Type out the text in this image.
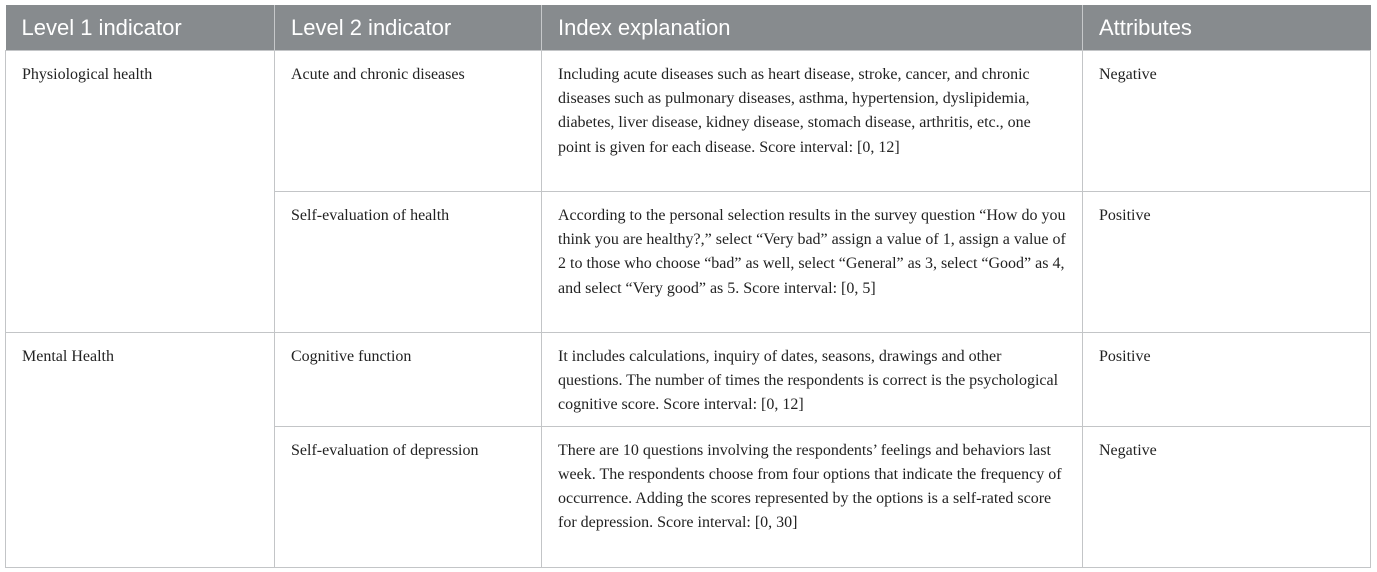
Level 1 indicator	Level 2 indicator	Index explanation	Attributes
Physiological health	Acute and chronic diseases	Including acute diseases such as heart disease, stroke, cancer, and chronic diseases such as pulmonary diseases, asthma, hypertension, dyslipidemia, diabetes, liver disease, kidney disease, stomach disease, arthritis, etc., one point is given for each disease. Score interval: [0, 12]	Negative
	Self-evaluation of health	According to the personal selection results in the survey question “How do you think you are healthy?,” select “Very bad” assign a value of 1, assign a value of 2 to those who choose “bad” as well, select “General” as 3, select “Good” as 4, and select “Very good” as 5. Score interval: [0, 5]	Positive
Mental Health	Cognitive function	It includes calculations, inquiry of dates, seasons, drawings and other questions. The number of times the respondents is correct is the psychological cognitive score. Score interval: [0, 12]	Positive
	Self-evaluation of depression	There are 10 questions involving the respondents’ feelings and behaviors last week. The respondents choose from four options that indicate the frequency of occurrence. Adding the scores represented by the options is a self-rated score for depression. Score interval: [0, 30]	Negative
